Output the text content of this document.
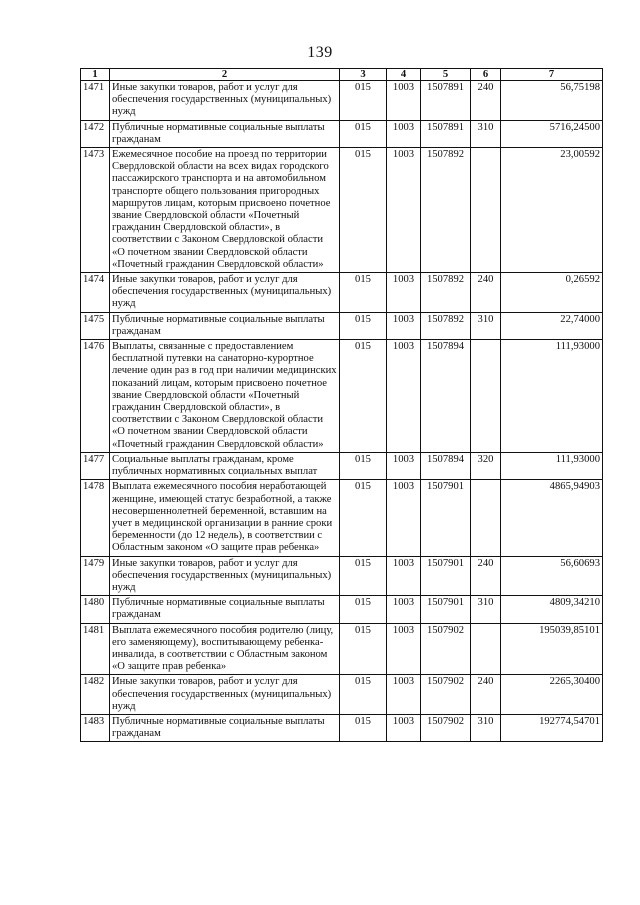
139
1	2	3	4	5	6	7
1471	Иные закупки товаров, работ и услуг для обеспечения государственных (муниципальных) нужд	015	1003	1507891	240	56,75198
1472	Публичные нормативные социальные выплаты гражданам	015	1003	1507891	310	5716,24500
1473	Ежемесячное пособие на проезд по территории Свердловской области на всех видах городского пассажирского транспорта и на автомобильном транспорте общего пользования пригородных маршрутов лицам, которым присвоено почетное звание Свердловской области «Почетный гражданин Свердловской области», в соответствии с Законом Свердловской области «О почетном звании Свердловской области «Почетный гражданин Свердловской области»	015	1003	1507892		23,00592
1474	Иные закупки товаров, работ и услуг для обеспечения государственных (муниципальных) нужд	015	1003	1507892	240	0,26592
1475	Публичные нормативные социальные выплаты гражданам	015	1003	1507892	310	22,74000
1476	Выплаты, связанные с предоставлением бесплатной путевки на санаторно-курортное лечение один раз в год при наличии медицинских показаний лицам, которым присвоено почетное звание Свердловской области «Почетный гражданин Свердловской области», в соответствии с Законом Свердловской области «О почетном звании Свердловской области «Почетный гражданин Свердловской области»	015	1003	1507894		111,93000
1477	Социальные выплаты гражданам, кроме публичных нормативных социальных выплат	015	1003	1507894	320	111,93000
1478	Выплата ежемесячного пособия неработающей женщине, имеющей статус безработной, а также несовершеннолетней беременной, вставшим на учет в медицинской организации в ранние сроки беременности (до 12 недель), в соответствии с Областным законом «О защите прав ребенка»	015	1003	1507901		4865,94903
1479	Иные закупки товаров, работ и услуг для обеспечения государственных (муниципальных) нужд	015	1003	1507901	240	56,60693
1480	Публичные нормативные социальные выплаты гражданам	015	1003	1507901	310	4809,34210
1481	Выплата ежемесячного пособия родителю (лицу, его заменяющему), воспитывающему ребенка-инвалида, в соответствии с Областным законом «О защите прав ребенка»	015	1003	1507902		195039,85101
1482	Иные закупки товаров, работ и услуг для обеспечения государственных (муниципальных) нужд	015	1003	1507902	240	2265,30400
1483	Публичные нормативные социальные выплаты гражданам	015	1003	1507902	310	192774,54701
